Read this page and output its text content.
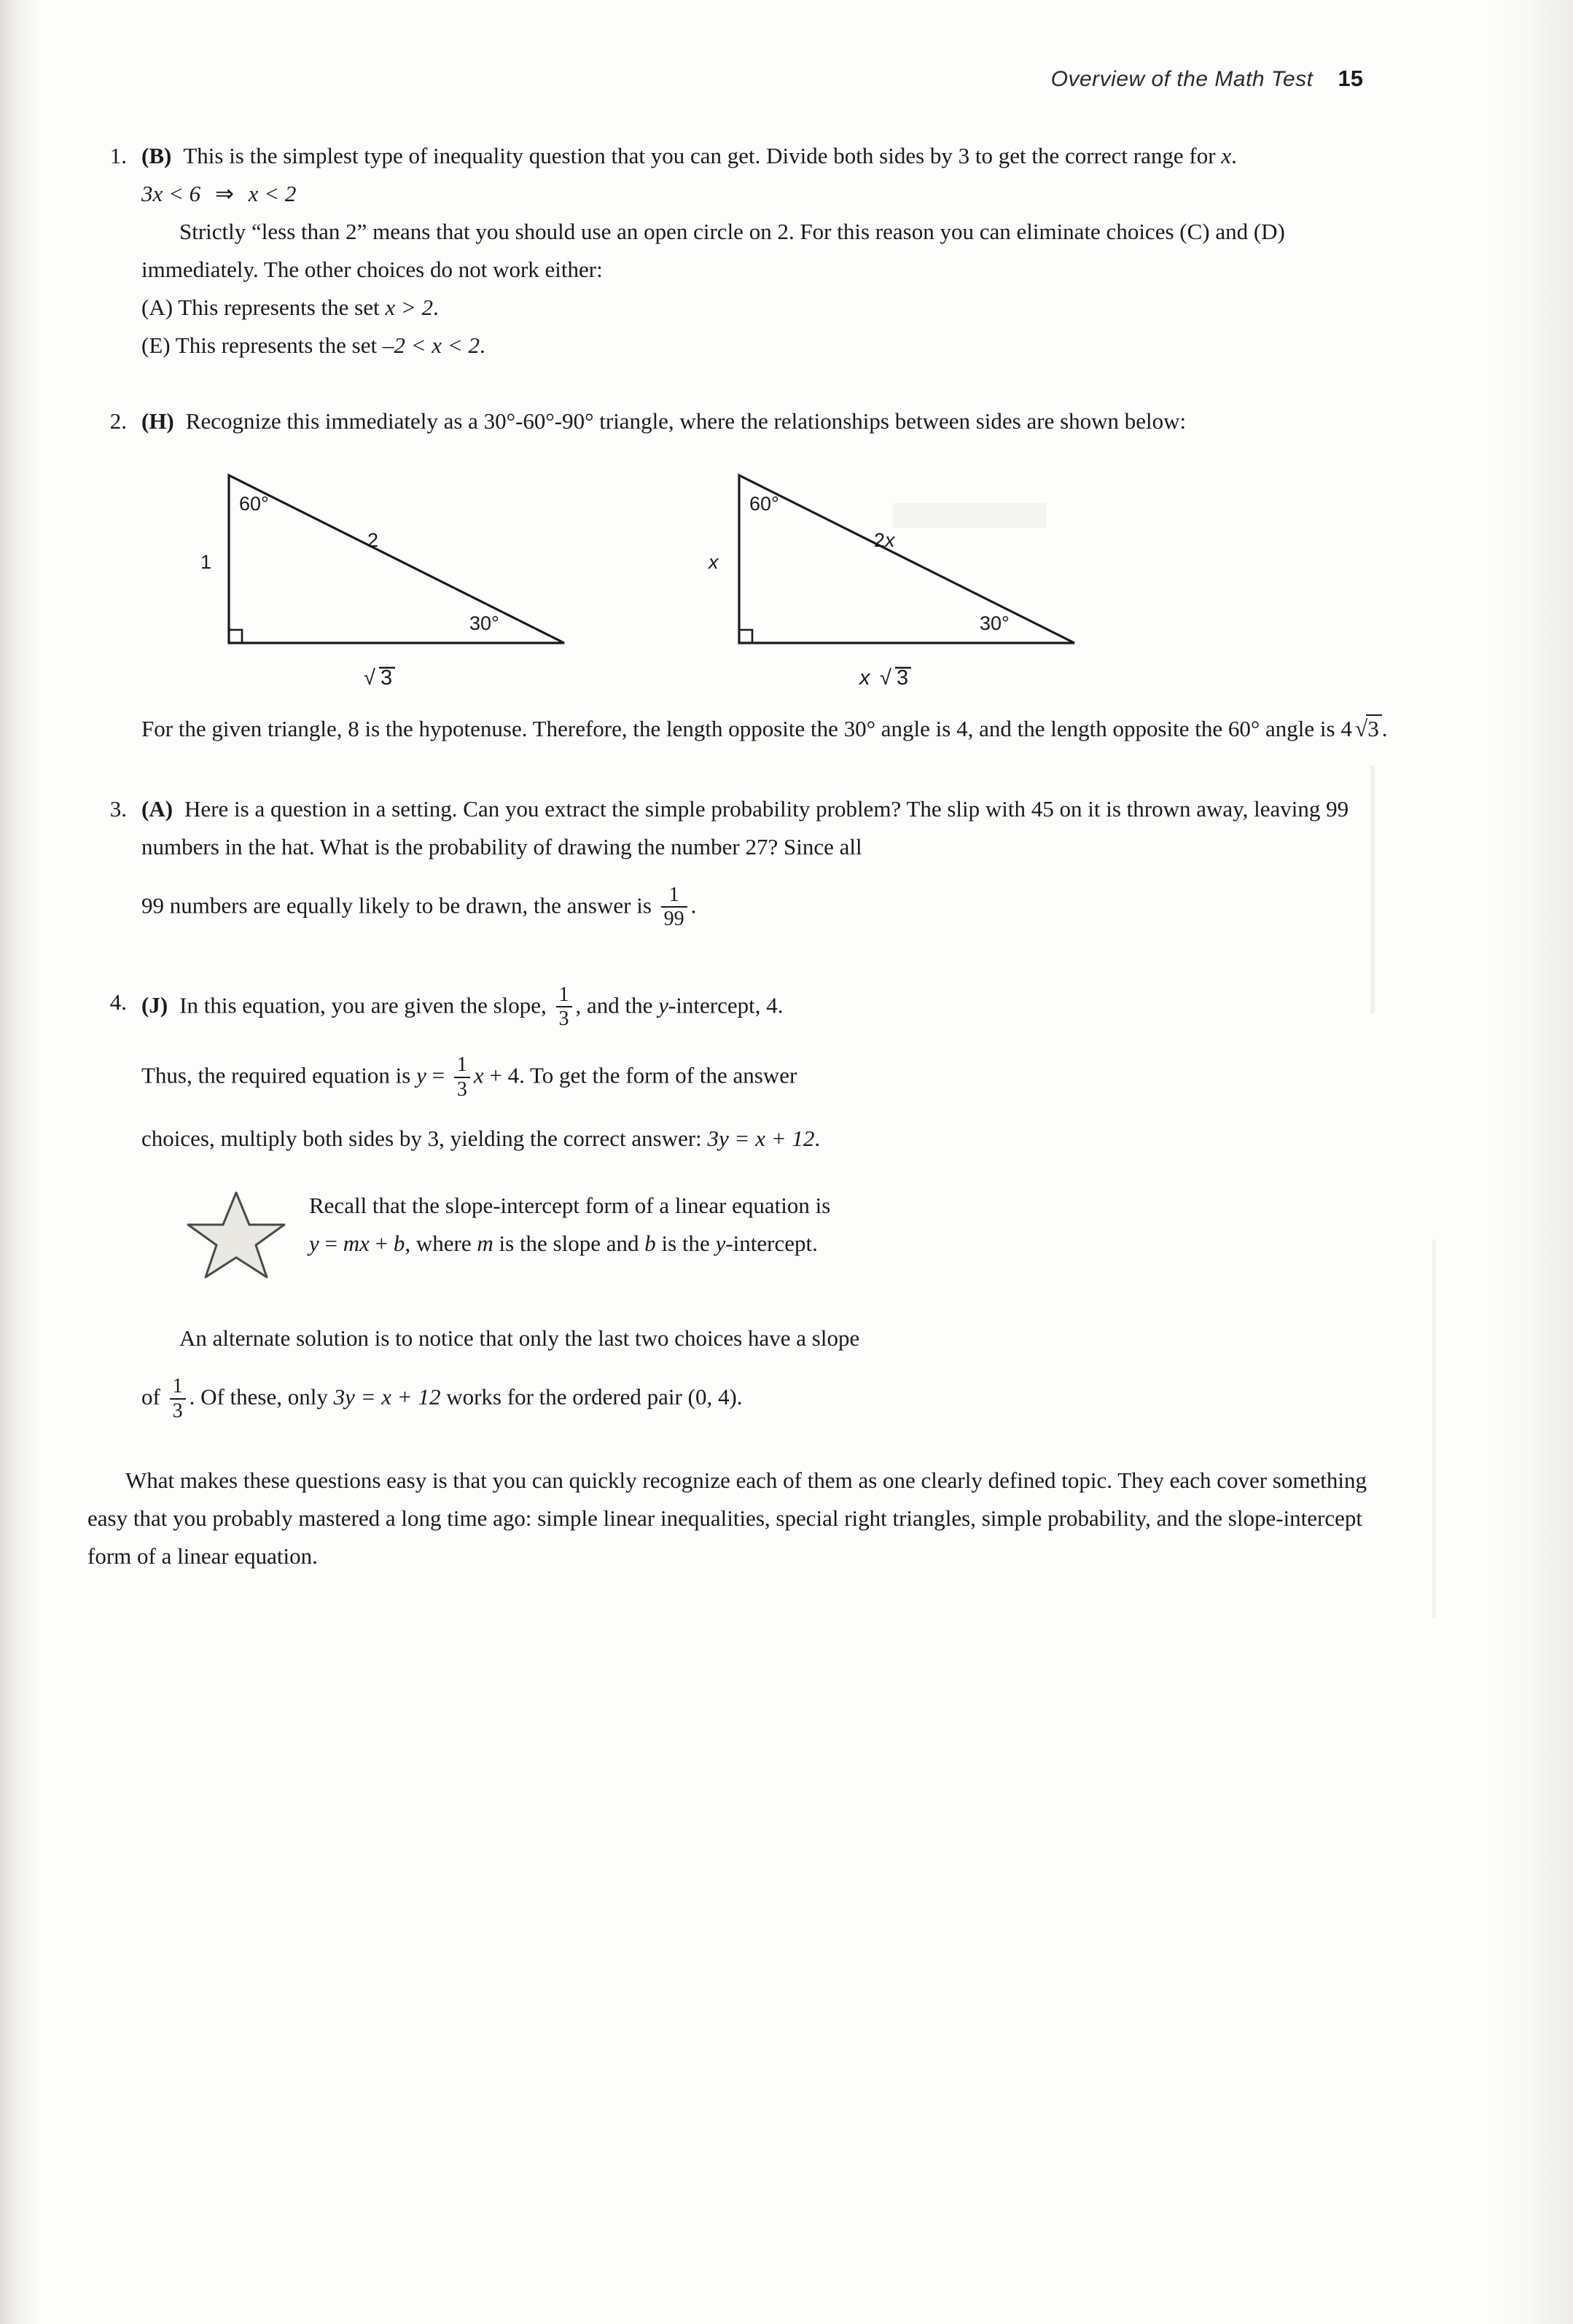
Overview of the Math Test 15
1. (B) This is the simplest type of inequality question that you can get. Divide both sides by 3 to get the correct range for x.

3x < 6 ⇒ x < 2

Strictly “less than 2” means that you should use an open circle on 2. For this reason you can eliminate choices (C) and (D) immediately. The other choices do not work either:

(A) This represents the set x > 2.

(E) This represents the set –2 < x < 2.

2. (H) Recognize this immediately as a 30°-60°-90° triangle, where the relationships between sides are shown below:

60°
1
2
30°
√ 3
60°
x
2x
30°
x √ 3

For the given triangle, 8 is the hypotenuse. Therefore, the length opposite the 30° angle is 4, and the length opposite the 60° angle is 4 √3 .

3. (A) Here is a question in a setting. Can you extract the simple probability problem? The slip with 45 on it is thrown away, leaving 99 numbers in the hat. What is the probability of drawing the number 27? Since all

99 numbers are equally likely to be drawn, the answer is $\frac{1}{99}$ .

4. (J) In this equation, you are given the slope, $\frac{1}{3}$ , and the y-intercept, 4.

Thus, the required equation is $y = \frac{1}{3}$ x + 4. To get the form of the answer

choices, multiply both sides by 3, yielding the correct answer: 3y = x + 12.

Recall that the slope-intercept form of a linear equation is
y = mx + b, where m is the slope and b is the y-intercept.

An alternate solution is to notice that only the last two choices have a slope

of $\frac{1}{3}$ . Of these, only 3y = x + 12 works for the ordered pair (0, 4).

What makes these questions easy is that you can quickly recognize each of them as one clearly defined topic. They each cover something easy that you probably mastered a long time ago: simple linear inequalities, special right triangles, simple probability, and the slope-intercept form of a linear equation.
